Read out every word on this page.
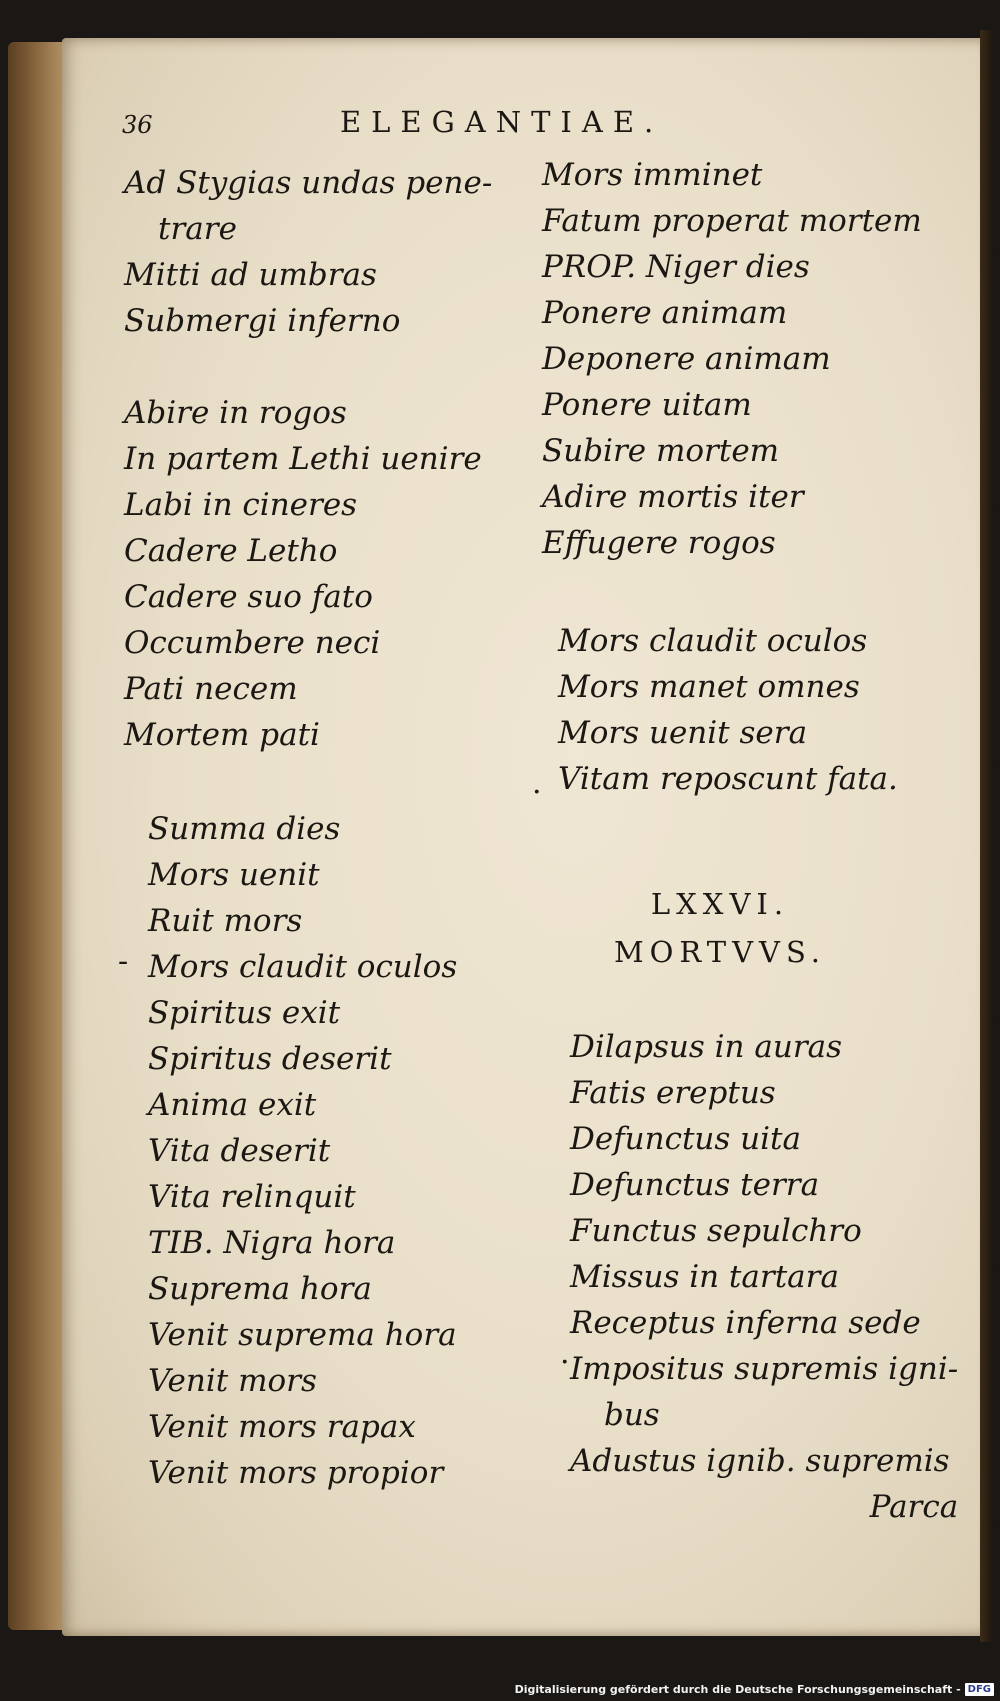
36	ELEGANTIAE.
Ad Stygias undas pene-
trare
Mitti ad umbras
Submergi inferno
Abire in rogos
In partem Lethi uenire
Labi in cineres
Cadere Letho
Cadere suo fato
Occumbere neci
Pati necem
Mortem pati
Summa dies
Mors uenit
Ruit mors
Mors claudit oculos
Spiritus exit
Spiritus deserit
Anima exit
Vita deserit
Vita relinquit
TIB. Nigra hora
Suprema hora
Venit suprema hora
Venit mors
Venit mors rapax
Venit mors propior
Mors imminet
Fatum properat mortem
PROP. Niger dies
Ponere animam
Deponere animam
Ponere uitam
Subire mortem
Adire mortis iter
Effugere rogos
Mors claudit oculos
Mors manet omnes
Mors uenit sera
Vitam reposcunt fata.
LXXVI.
MORTVVS.
Dilapsus in auras
Fatis ereptus
Defunctus uita
Defunctus terra
Functus sepulchro
Missus in tartara
Receptus inferna sede
Impositus supremis igni-
bus
Adustus ignib. supremis
Parca
-
.
·
Digitalisierung gefördert durch die Deutsche Forschungsgemeinschaft - DFG
